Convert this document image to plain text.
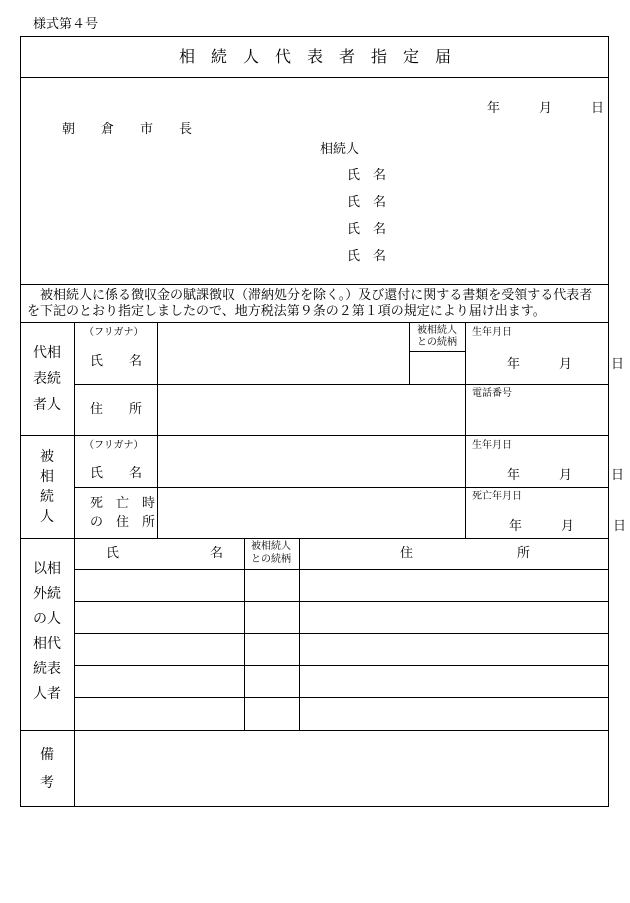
様式第４号
相　続　人　代　表　者　指　定　届
年　　　月　　　日
朝　　倉　　市　　長
相続人
氏　名
氏　名
氏　名
氏　名
　被相続人に係る徴収金の賦課徴収（滞納処分を除く。）及び還付に関する書類を受領する代表者
を下記のとおり指定しましたので、地方税法第９条の２第１項の規定により届け出ます。
代相
表続
者人
（フリガナ）
氏　　名
被相続人
との続柄
生年月日
年　　　月　　　日
住　　所
電話番号
被
相
続
人
（フリガナ）
氏　　名
生年月日
年　　　月　　　日
死　亡　時
の　住　所
死亡年月日
年　　　月　　　日
以相
外続
の人
相代
続表
人者
氏　　　　　　　名	被相続人
との続柄	住　　　　　　　　所
備
考
